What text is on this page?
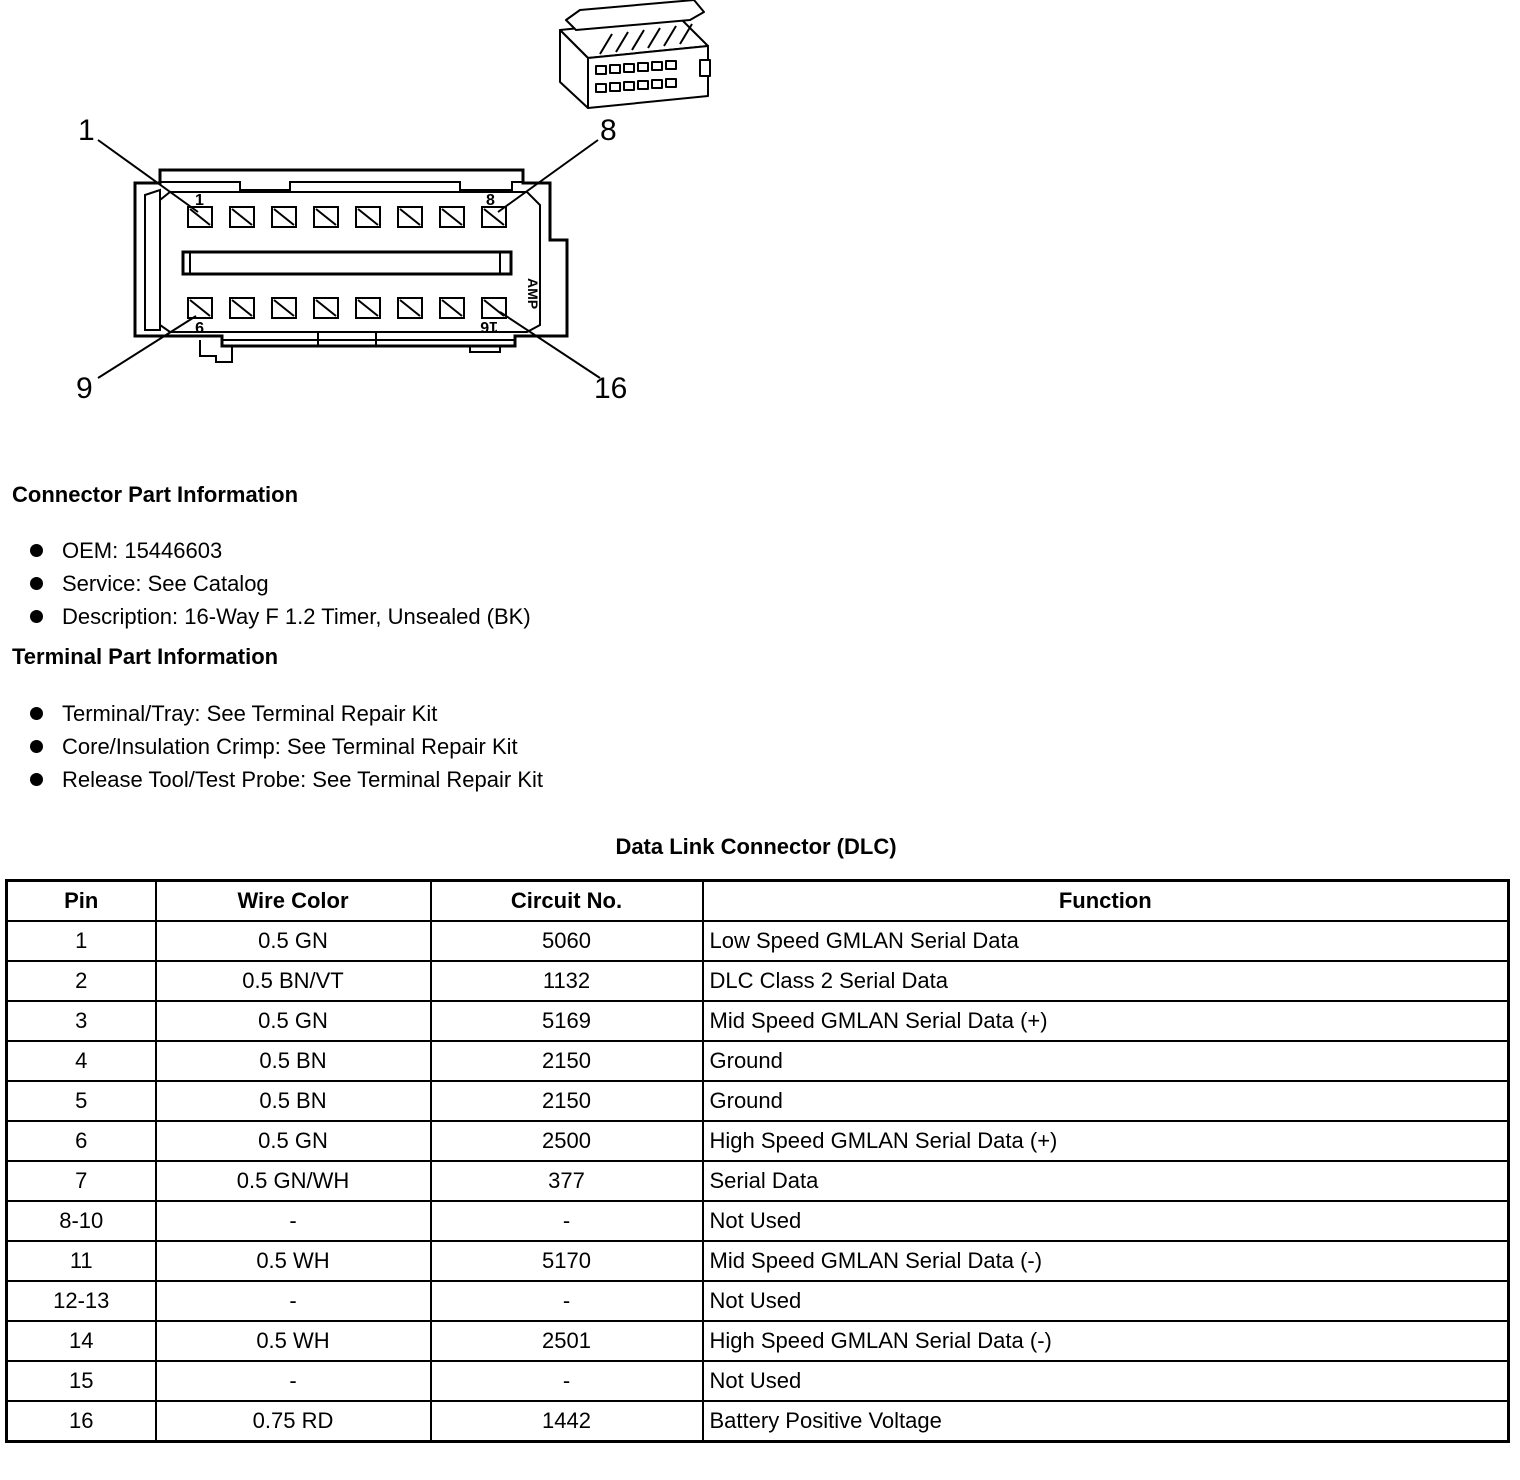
1	8
9	16
AMP
1	8
9	16
Connector Part Information
OEM: 15446603
Service: See Catalog
Description: 16-Way F 1.2 Timer, Unsealed (BK)
Terminal Part Information
Terminal/Tray: See Terminal Repair Kit
Core/Insulation Crimp: See Terminal Repair Kit
Release Tool/Test Probe: See Terminal Repair Kit
Data Link Connector (DLC)
Pin	Wire Color	Circuit No.	Function
1	0.5 GN	5060	Low Speed GMLAN Serial Data
2	0.5 BN/VT	1132	DLC Class 2 Serial Data
3	0.5 GN	5169	Mid Speed GMLAN Serial Data (+)
4	0.5 BN	2150	Ground
5	0.5 BN	2150	Ground
6	0.5 GN	2500	High Speed GMLAN Serial Data (+)
7	0.5 GN/WH	377	Serial Data
8-10	-	-	Not Used
11	0.5 WH	5170	Mid Speed GMLAN Serial Data (-)
12-13	-	-	Not Used
14	0.5 WH	2501	High Speed GMLAN Serial Data (-)
15	-	-	Not Used
16	0.75 RD	1442	Battery Positive Voltage
